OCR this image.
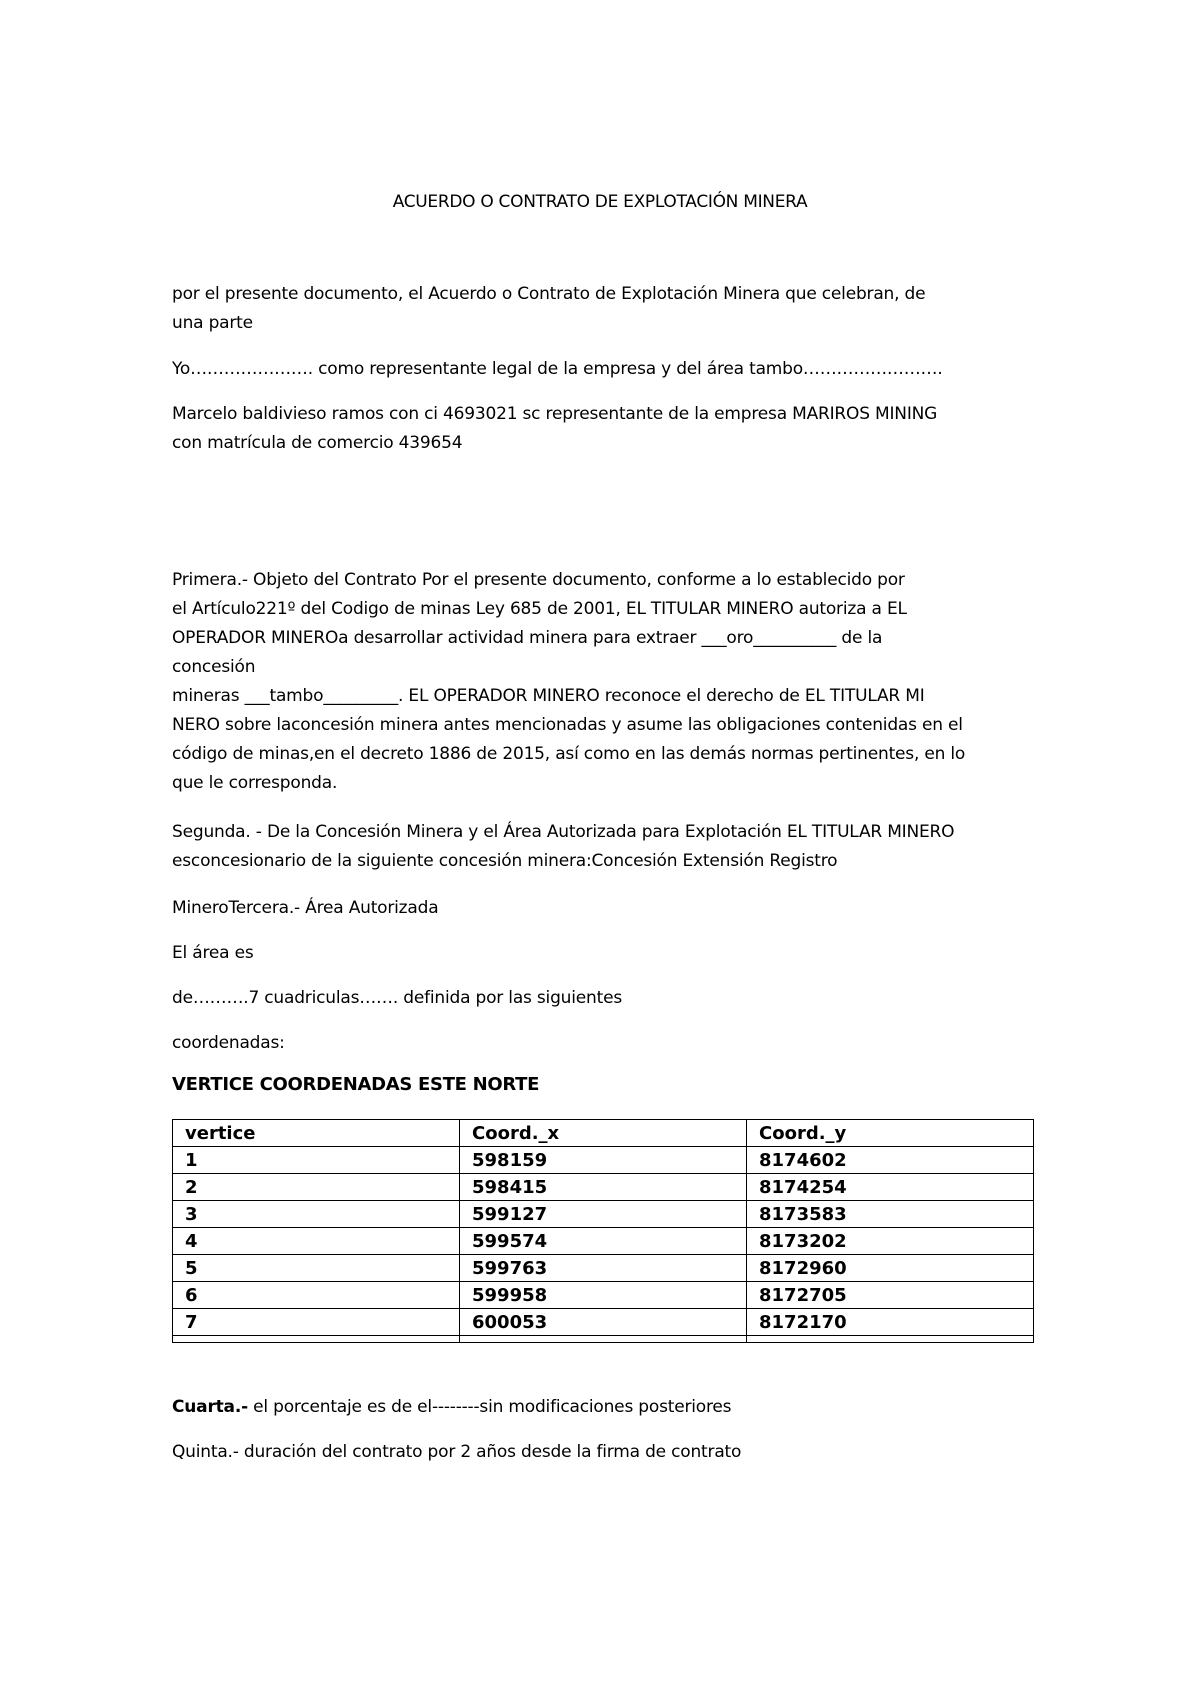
ACUERDO O CONTRATO DE EXPLOTACIÓN MINERA
por el presente documento, el Acuerdo o Contrato de Explotación Minera que celebran, de
una parte
Yo…………………. como representante legal de la empresa y del área tambo…………………….
Marcelo baldivieso ramos con ci 4693021 sc representante de la empresa MARIROS MINING
con matrícula de comercio 439654
Primera.- Objeto del Contrato Por el presente documento, conforme a lo establecido por
el Artículo221º del Codigo de minas Ley 685 de 2001, EL TITULAR MINERO autoriza a EL
OPERADOR MINEROa desarrollar actividad minera para extraer ___oro__________ de la
concesión
mineras ___tambo_________. EL OPERADOR MINERO reconoce el derecho de EL TITULAR MI
NERO sobre laconcesión minera antes mencionadas y asume las obligaciones contenidas en el
código de minas,en el decreto 1886 de 2015, así como en las demás normas pertinentes, en lo
que le corresponda.
Segunda. - De la Concesión Minera y el Área Autorizada para Explotación EL TITULAR MINERO
esconcesionario de la siguiente concesión minera:Concesión Extensión Registro
MineroTercera.- Área Autorizada
El área es
de……….7 cuadriculas……. definida por las siguientes
coordenadas:
VERTICE COORDENADAS ESTE NORTE
vertice	Coord._x	Coord._y
1	598159	8174602
2	598415	8174254
3	599127	8173583
4	599574	8173202
5	599763	8172960
6	599958	8172705
7	600053	8172170

Cuarta.- el porcentaje es de el--------sin modificaciones posteriores
Quinta.- duración del contrato por 2 años desde la firma de contrato
